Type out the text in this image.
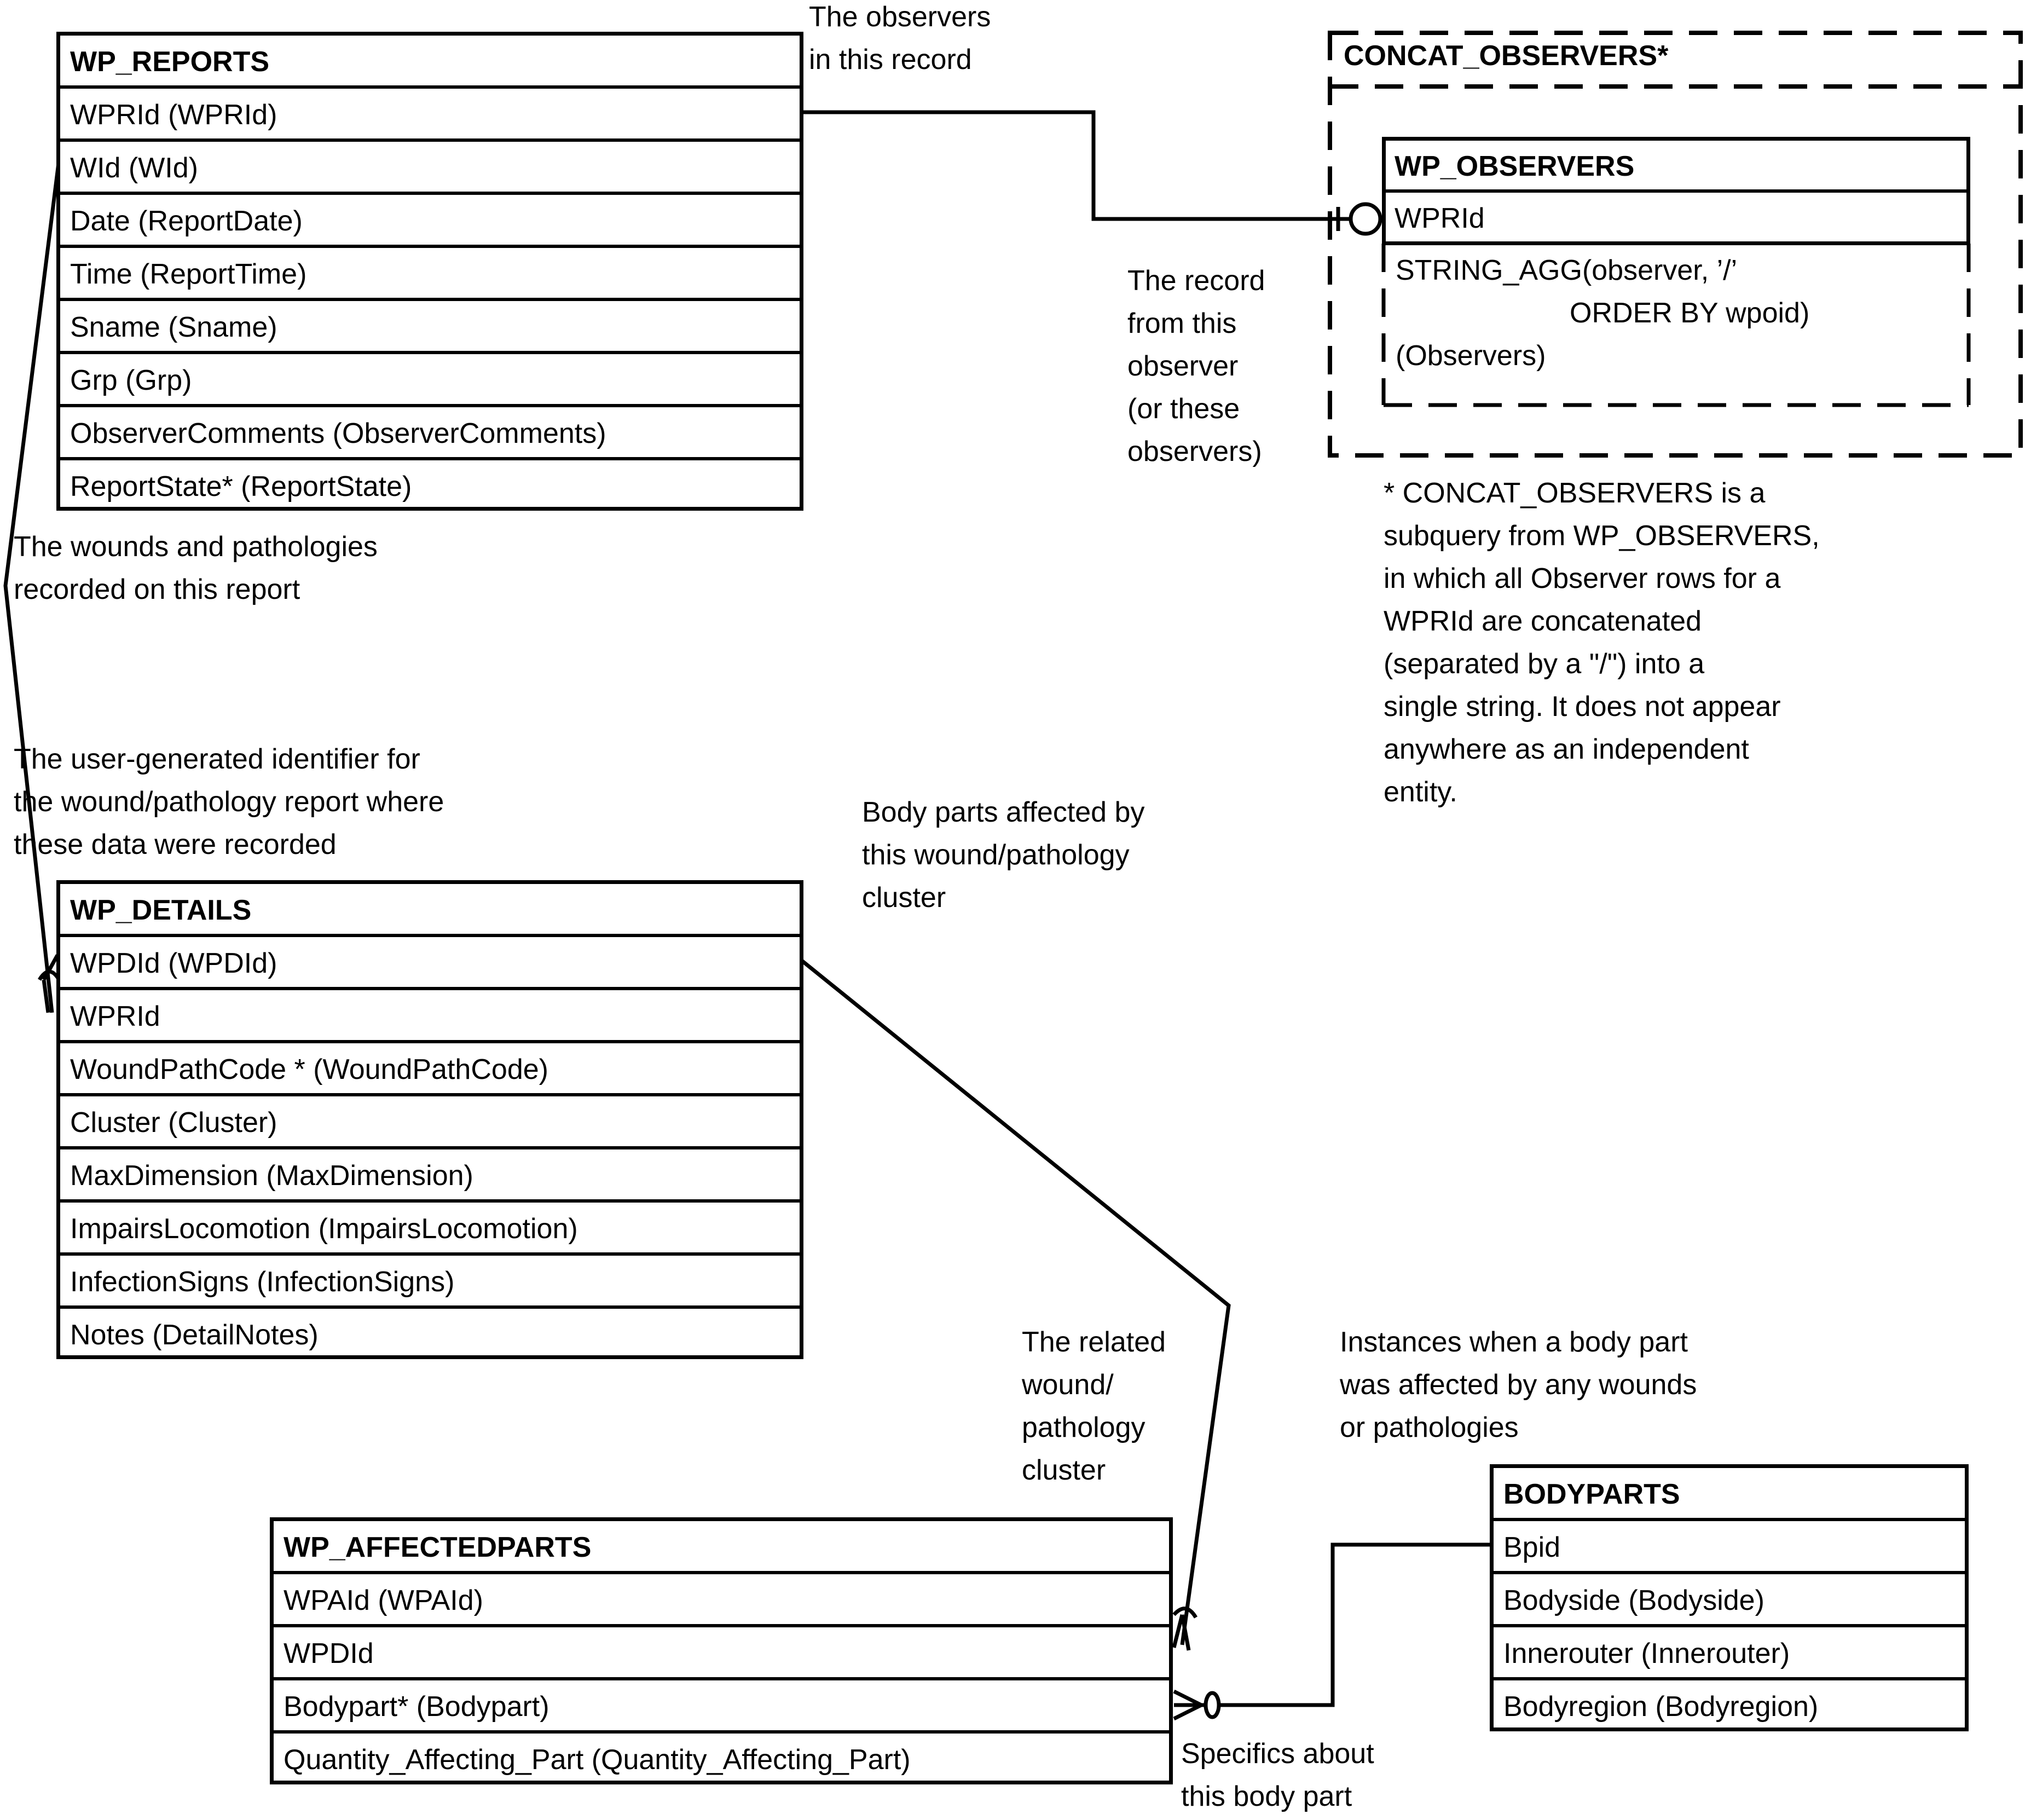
CONCAT_OBSERVERS*
WP_OBSERVERS
WPRId
STRING_AGG(observer, ’/’
ORDER BY wpoid)
(Observers)
WP_REPORTS
WPRId (WPRId)
WId (WId)
Date (ReportDate)
Time (ReportTime)
Sname (Sname)
Grp (Grp)
ObserverComments (ObserverComments)
ReportState* (ReportState)
WP_DETAILS
WPDId (WPDId)
WPRId
WoundPathCode * (WoundPathCode)
Cluster (Cluster)
MaxDimension (MaxDimension)
ImpairsLocomotion (ImpairsLocomotion)
InfectionSigns (InfectionSigns)
Notes (DetailNotes)
WP_AFFECTEDPARTS
WPAId (WPAId)
WPDId
Bodypart* (Bodypart)
Quantity_Affecting_Part (Quantity_Affecting_Part)
BODYPARTS
Bpid
Bodyside (Bodyside)
Innerouter (Innerouter)
Bodyregion (Bodyregion)
The observers
in this record
The record
from this
observer
(or these
observers)
* CONCAT_OBSERVERS is a
subquery from WP_OBSERVERS,
in which all Observer rows for a
WPRId are concatenated
(separated by a "/") into a
single string. It does not appear
anywhere as an independent
entity.
The wounds and pathologies
recorded on this report
The user-generated identifier for
the wound/pathology report where
these data were recorded
Body parts affected by
this wound/pathology
cluster
The related
wound/
pathology
cluster
Instances when a body part
was affected by any wounds
or pathologies
Specifics about
this body part
